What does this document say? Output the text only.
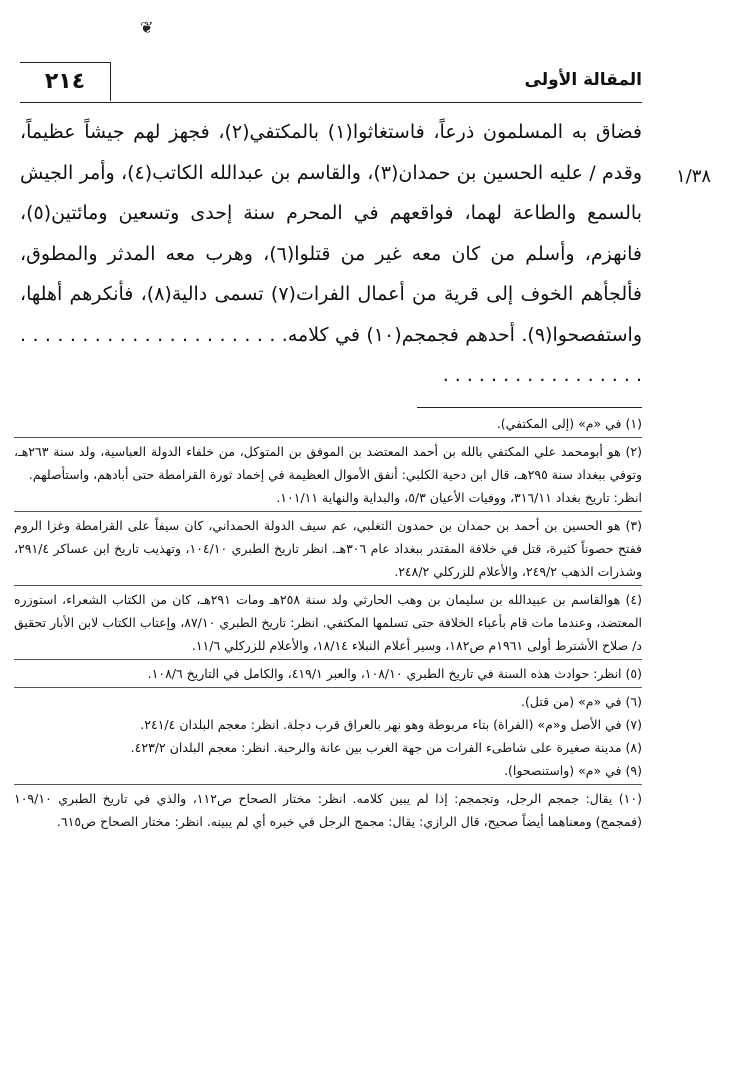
❦
٢١٤	المقالة الأولى
١/٣٨

فضاق به المسلمون ذرعاً، فاستغاثوا(١) بالمكتفي(٢)، فجهز لهم جيشاً عظيماً، وقدم / عليه الحسين بن حمدان(٣)، والقاسم بن عبدالله الكاتب(٤)، وأمر الجيش بالسمع والطاعة لهما، فواقعهم في المحرم سنة إحدى وتسعين ومائتين(٥)، فانهزم، وأسلم من كان معه غير من قتلوا(٦)، وهرب معه المدثر والمطوق، فألجأهم الخوف إلى قرية من أعمال الفرات(٧) تسمى دالية(٨)، فأنكرهم أهلها، واستفصحوا(٩). أحدهم فجمجم(١٠) في كلامه. . . . . . . . . . . . . . . . . . . . . . . . . . . . . . . . . . . . . . .

(١) في «م» (إلى المكتفي).

(٢) هو أبومحمد علي المكتفي بالله بن أحمد المعتضد بن الموفق بن المتوكل، من خلفاء الدولة العباسية، ولد سنة ٢٦٣هـ، وتوفي ببغداد سنة ٢٩٥هـ، قال ابن دحية الكلبي: أنفق الأموال العظيمة في إخماد ثورة القرامطة حتى أبادهم، واستأصلهم.

انظر: تاريخ بغداد ٣١٦/١١، ووفيات الأعيان ٥/٣، والبداية والنهاية ١٠١/١١.

(٣) هو الحسين بن أحمد بن حمدان بن حمدون التغلبي، عم سيف الدولة الحمداني، كان سيفاً على القرامطة وغزا الروم ففتح حصوناً كثيرة، قتل في خلافة المقتدر ببغداد عام ٣٠٦هـ. انظر تاريخ الطبري ١٠٤/١٠، وتهذيب تاريخ ابن عساكر ٢٩١/٤، وشذرات الذهب ٢٤٩/٢، والأعلام للزركلي ٢٤٨/٢.

(٤) هوالقاسم بن عبيدالله بن سليمان بن وهب الحارثي ولد سنة ٢٥٨هـ ومات ٢٩١هـ، كان من الكتاب الشعراء، استوزره المعتضد، وعندما مات قام بأعباء الخلافة حتى تسلمها المكتفي. انظر: تاريخ الطبري ٨٧/١٠، وإعتاب الكتاب لابن الأبار تحقيق د/ صلاح الأشترط أولى ١٩٦١م ص١٨٢، وسير أعلام النبلاء ١٨/١٤، والأعلام للزركلي ١١/٦.

(٥) انظر: حوادث هذه السنة في تاريخ الطبري ١٠٨/١٠، والعبر ٤١٩/١، والكامل في التاريخ ١٠٨/٦.

(٦) في «م» (من قتل).

(٧) في الأصل و«م» (الفراة) بتاء مربوطة وهو نهر بالعراق قرب دجلة. انظر: معجم البلدان ٢٤١/٤.

(٨) مدينة صغيرة على شاطىء الفرات من جهة الغرب بين عانة والرحبة. انظر: معجم البلدان ٤٢٣/٢.

(٩) في «م» (واستنصحوا).

(١٠) يقال: جمجم الرجل، وتجمجم: إذا لم يبين كلامه. انظر: مختار الصحاح ص١١٢، والذي في تاريخ الطبري ١٠٩/١٠ (فمجمج) ومعناهما أيضاً صحيح، قال الرازي: يقال: مجمج الرجل في خبره أي لم يبينه. انظر: مختار الصحاح ص٦١٥.
